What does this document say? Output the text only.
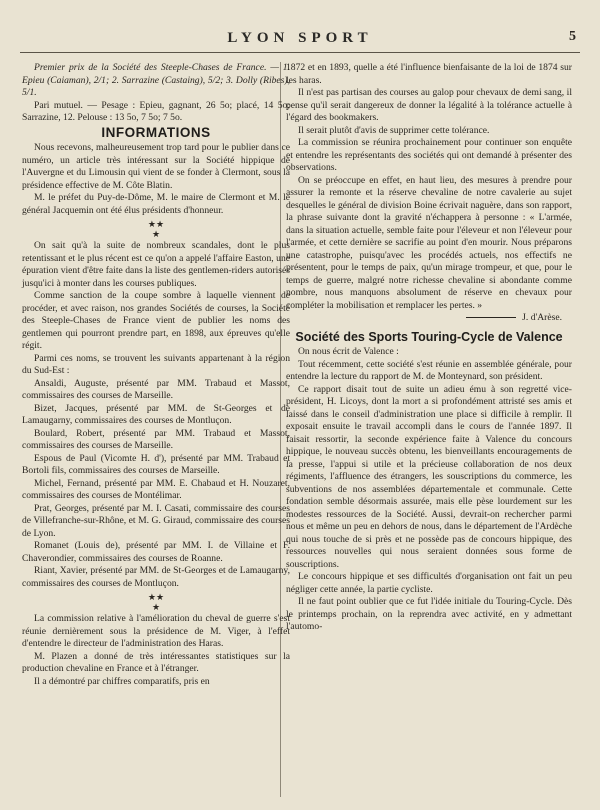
LYON SPORT	5

Premier prix de la Société des Steeple-Chases de France. — 1. Epieu (Caiaman), 2/1; 2. Sarrazine (Castaing), 5/2; 3. Dolly (Ribes), 5/1.

Pari mutuel. — Pesage : Epieu, gagnant, 26 5o; placé, 14 5o; Sarrazine, 12. Pelouse : 13 5o, 7 5o; 7 5o.

INFORMATIONS

Nous recevons, malheureusement trop tard pour le publier dans ce numéro, un article très intéressant sur la Société hippique de l'Auvergne et du Limousin qui vient de se fonder à Clermont, sous la présidence effective de M. Côte Blatin.

M. le préfet du Puy-de-Dôme, M. le maire de Clermont et M. le général Jacquemin ont été élus présidents d'honneur.

★★
★

On sait qu'à la suite de nombreux scandales, dont le plus retentissant et le plus récent est ce qu'on a appelé l'affaire Easton, une épuration vient d'être faite dans la liste des gentlemen-riders autorisés jusqu'ici à monter dans les courses publiques.

Comme sanction de la coupe sombre à laquelle viennent de procéder, et avec raison, nos grandes Sociétés de courses, la Société des Steeple-Chases de France vient de publier les noms des gentlemen qui pourront prendre part, en 1898, aux épreuves qu'elle régit.

Parmi ces noms, se trouvent les suivants appartenant à la région du Sud-Est :

Ansaldi, Auguste, présenté par MM. Trabaud et Massot, commissaires des courses de Marseille.

Bizet, Jacques, présenté par MM. de St-Georges et de Lamaugarny, commissaires des courses de Montluçon.

Boulard, Robert, présenté par MM. Trabaud et Massot, commissaires des courses de Marseille.

Espous de Paul (Vicomte H. d'), présenté par MM. Trabaud et Bortoli fils, commissaires des courses de Marseille.

Michel, Fernand, présenté par MM. E. Chabaud et H. Nouzaret, commissaires des courses de Montélimar.

Prat, Georges, présenté par M. I. Casati, commissaire des courses de Villefranche-sur-Rhône, et M. G. Giraud, commissaire des courses de Lyon.

Romanet (Louis de), présenté par MM. I. de Villaine et F. Chaverondier, commissaires des courses de Roanne.

Riant, Xavier, présenté par MM. de St-Georges et de Lamaugarny, commissaires des courses de Montluçon.

★★
★

La commission relative à l'amélioration du cheval de guerre s'est réunie dernièrement sous la présidence de M. Viger, à l'effet d'entendre le directeur de l'administration des Haras.

M. Plazen a donné de très intéressantes statistiques sur la production chevaline en France et à l'étranger.

Il a démontré par chiffres comparatifs, pris en

1872 et en 1893, quelle a été l'influence bienfaisante de la loi de 1874 sur les haras.

Il n'est pas partisan des courses au galop pour chevaux de demi sang, il pense qu'il serait dangereux de donner la légalité à la tolérance actuelle à l'égard des bookmakers.

Il serait plutôt d'avis de supprimer cette tolérance.

La commission se réunira prochainement pour continuer son enquête et entendre les représentants des sociétés qui ont demandé à présenter des observations.

On se préoccupe en effet, en haut lieu, des mesures à prendre pour assurer la remonte et la réserve chevaline de notre cavalerie au sujet desquelles le général de division Boine écrivait naguère, dans son rapport, la phrase suivante dont la gravité n'échappera à personne : « L'armée, dans la situation actuelle, semble faite pour l'éleveur et non l'éleveur pour l'armée, et cette dernière se sacrifie au point d'en mourir. Nous préparons une catastrophe, puisqu'avec les procédés actuels, nos effectifs ne présentent, pour le temps de paix, qu'un mirage trompeur, et que, pour le temps de guerre, malgré notre richesse chevaline si abondante comme nombre, nous manquons absolument de réserve en chevaux pour compléter la mobilisation et remplacer les pertes. »

J. d'Arèse.

Société des Sports Touring-Cycle de Valence

On nous écrit de Valence :

Tout récemment, cette société s'est réunie en assemblée générale, pour entendre la lecture du rapport de M. de Monteynard, son président.

Ce rapport disait tout de suite un adieu ému à son regretté vice-président, H. Licoys, dont la mort a si profondément attristé ses amis et laissé dans le conseil d'administration une place si difficile à remplir. Il exposait ensuite le travail accompli dans le cours de l'année 1897. Il faisait ressortir, la seconde expérience faite à Valence du concours hippique, le nouveau succès obtenu, les bienveillants encouragements de la presse, l'appui si utile et la précieuse collaboration de nos deux régiments, l'affluence des étrangers, les souscriptions du commerce, les subventions de nos assemblées départementale et communale. Cette fondation semble désormais assurée, mais elle pèse lourdement sur les modestes ressources de la Société. Aussi, devrait-on rechercher parmi nous et même un peu en dehors de nous, dans le département de l'Ardèche qui nous touche de si près et ne possède pas de concours hippique, des ressources nouvelles qui nous seraient données sous forme de souscriptions.

Le concours hippique et ses difficultés d'organisation ont fait un peu négliger cette année, la partie cycliste.

Il ne faut point oublier que ce fut l'idée initiale du Touring-Cycle. Dès le printemps prochain, on la reprendra avec activité, en y admettant l'automo-
